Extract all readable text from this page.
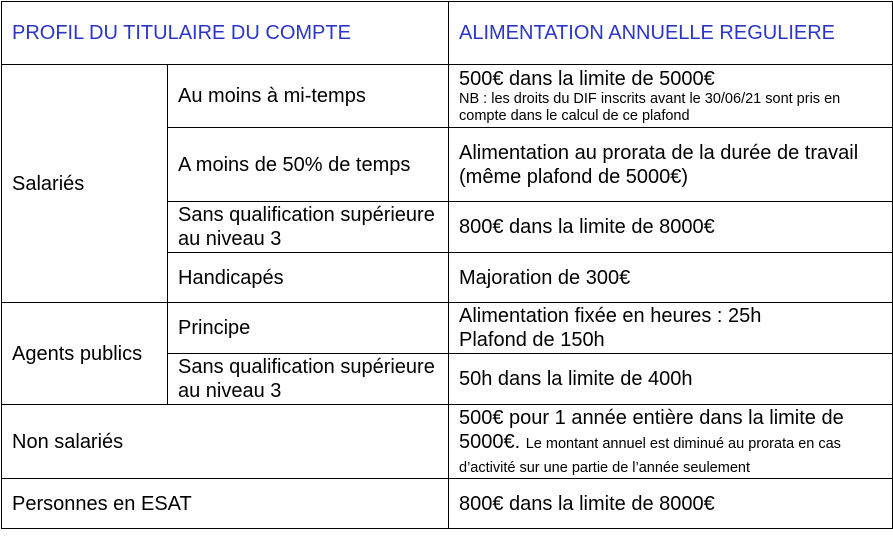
PROFIL DU TITULAIRE DU COMPTE		ALIMENTATION ANNUELLE REGULIERE
Salariés	Au moins à mi-temps	500€ dans la limite de 5000€
NB : les droits du DIF inscrits avant le 30/06/21 sont pris en compte dans le calcul de ce plafond

	A moins de 50% de temps	Alimentation au prorata de la durée de travail
(même plafond de 5000€)

	Sans qualification supérieure au niveau 3	800€ dans la limite de 8000€
	Handicapés	Majoration de 300€
Agents publics	Principe	Alimentation fixée en heures : 25h
Plafond de 150h

	Sans qualification supérieure au niveau 3	50h dans la limite de 400h
Non salariés		500€ pour 1 année entière dans la limite de 5000€. Le montant annuel est diminué au prorata en cas d’activité sur une partie de l’année seulement
Personnes en ESAT		800€ dans la limite de 8000€
